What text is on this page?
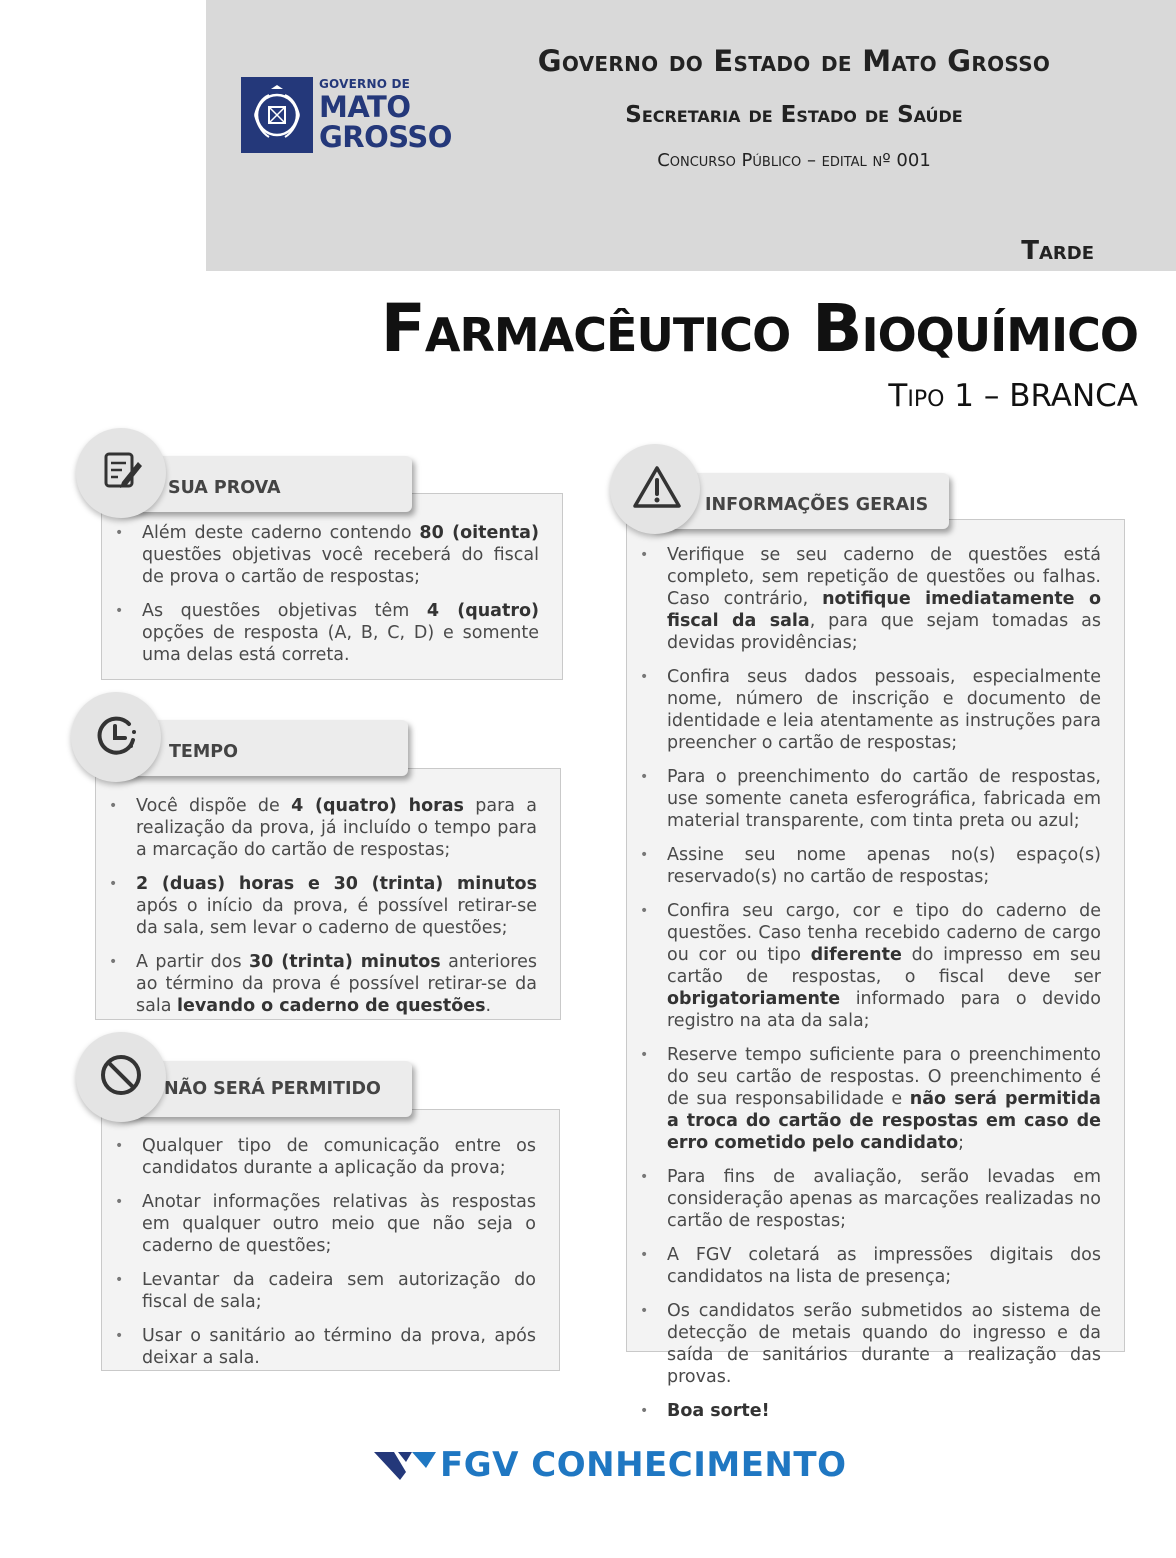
GOVERNO DE
MATO
GROSSO
Governo do Estado de Mato Grosso
Secretaria de Estado de Saúde
Concurso Público – edital nº 001
Tarde
Farmacêutico Bioquímico
Tipo 1 – BRANCA
• Além deste caderno contendo 80 (oitenta) questões objetivas você receberá do fiscal de prova o cartão de respostas;
• As questões objetivas têm 4 (quatro) opções de resposta (A, B, C, D) e somente uma delas está correta.
SUA PROVA
• Você dispõe de 4 (quatro) horas para a realização da prova, já incluído o tempo para a marcação do cartão de respostas;
• 2 (duas) horas e 30 (trinta) minutos após o início da prova, é possível retirar-se da sala, sem levar o caderno de questões;
• A partir dos 30 (trinta) minutos anteriores ao término da prova é possível retirar-se da sala levando o caderno de questões.
TEMPO
• Qualquer tipo de comunicação entre os candidatos durante a aplicação da prova;
• Anotar informações relativas às respostas em qualquer outro meio que não seja o caderno de questões;
• Levantar da cadeira sem autorização do fiscal de sala;
• Usar o sanitário ao término da prova, após deixar a sala.
NÃO SERÁ PERMITIDO
• Verifique se seu caderno de questões está completo, sem repetição de questões ou falhas. Caso contrário, notifique imediatamente o fiscal da sala, para que sejam tomadas as devidas providências;
• Confira seus dados pessoais, especialmente nome, número de inscrição e documento de identidade e leia atentamente as instruções para preencher o cartão de respostas;
• Para o preenchimento do cartão de respostas, use somente caneta esferográfica, fabricada em material transparente, com tinta preta ou azul;
• Assine seu nome apenas no(s) espaço(s) reservado(s) no cartão de respostas;
• Confira seu cargo, cor e tipo do caderno de questões. Caso tenha recebido caderno de cargo ou cor ou tipo diferente do impresso em seu cartão de respostas, o fiscal deve ser obrigatoriamente informado para o devido registro na ata da sala;
• Reserve tempo suficiente para o preenchimento do seu cartão de respostas. O preenchimento é de sua responsabilidade e não será permitida a troca do cartão de respostas em caso de erro cometido pelo candidato;
• Para fins de avaliação, serão levadas em consideração apenas as marcações realizadas no cartão de respostas;
• A FGV coletará as impressões digitais dos candidatos na lista de presença;
• Os candidatos serão submetidos ao sistema de detecção de metais quando do ingresso e da saída de sanitários durante a realização das provas.
• Boa sorte!
INFORMAÇÕES GERAIS
FGV CONHECIMENTO
